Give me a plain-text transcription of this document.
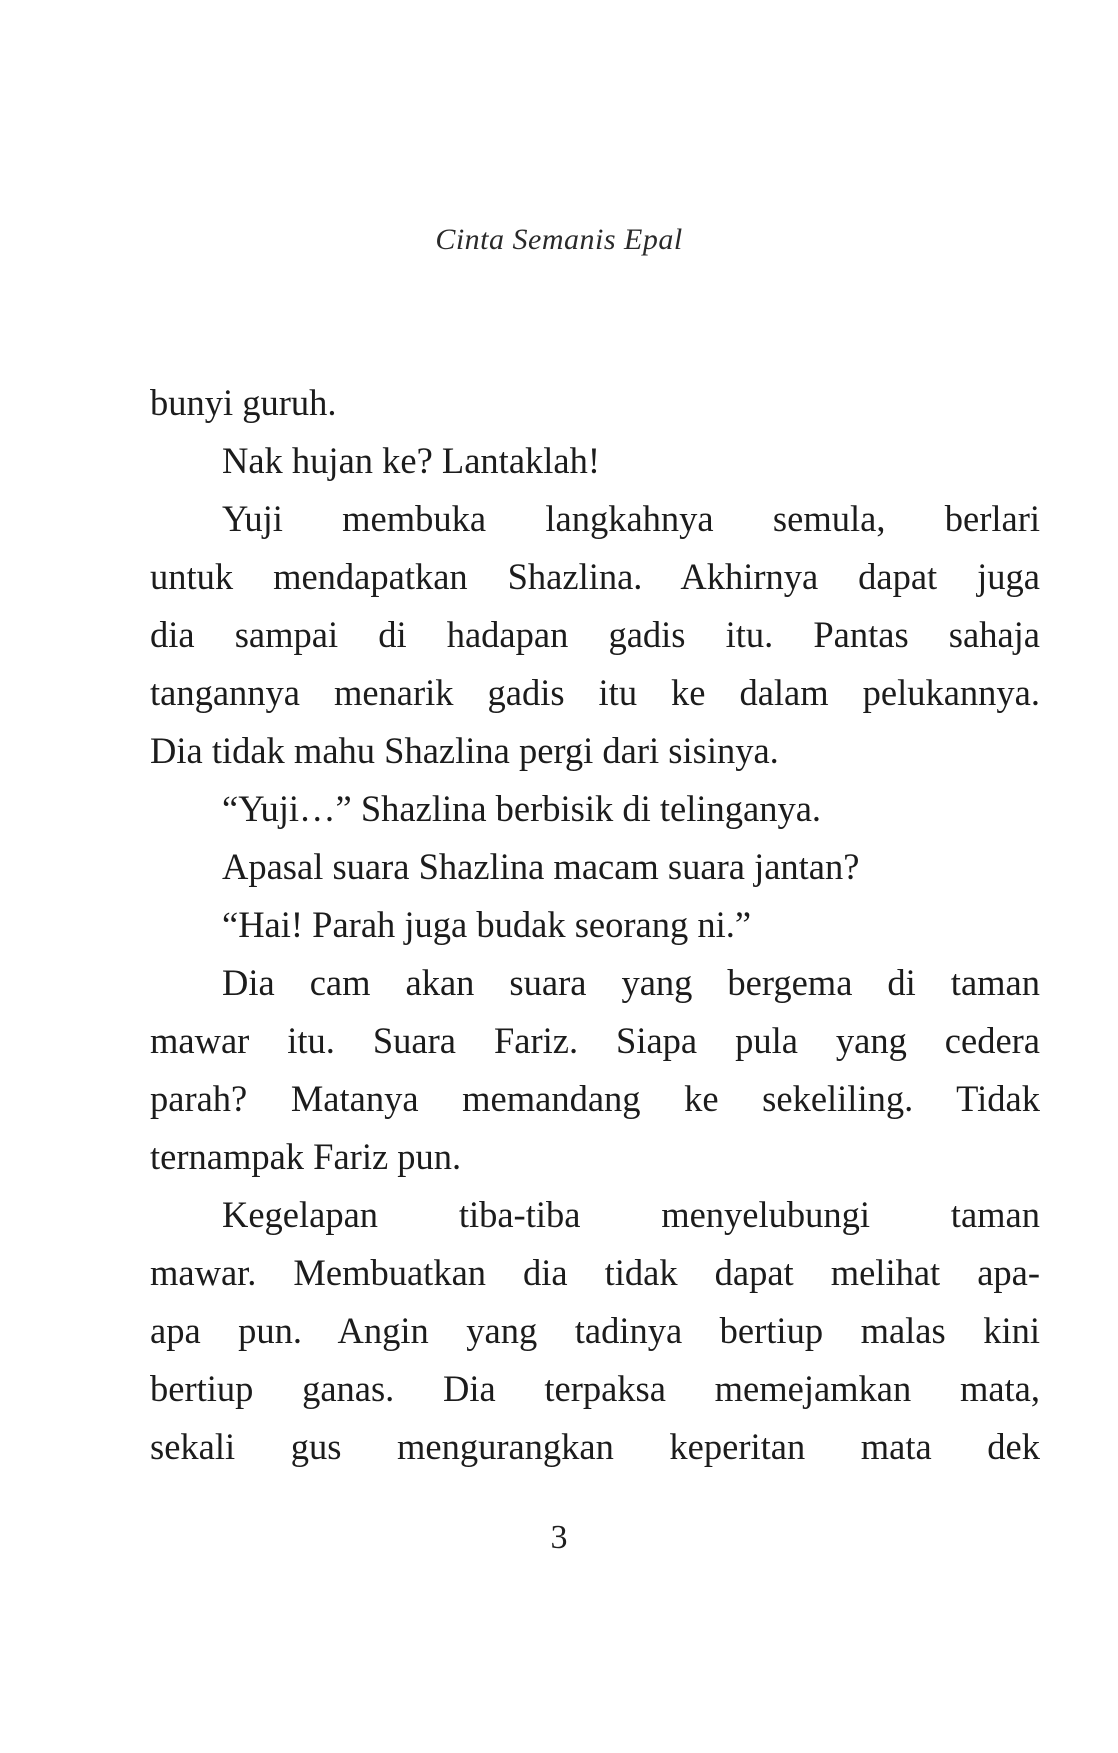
Cinta Semanis Epal
bunyi guruh.
Nak hujan ke? Lantaklah!
Yuji membuka langkahnya semula, berlari
untuk mendapatkan Shazlina. Akhirnya dapat juga
dia sampai di hadapan gadis itu. Pantas sahaja
tangannya menarik gadis itu ke dalam pelukannya.
Dia tidak mahu Shazlina pergi dari sisinya.
“Yuji…” Shazlina berbisik di telinganya.
Apasal suara Shazlina macam suara jantan?
“Hai! Parah juga budak seorang ni.”
Dia cam akan suara yang bergema di taman
mawar itu. Suara Fariz. Siapa pula yang cedera
parah? Matanya memandang ke sekeliling. Tidak
ternampak Fariz pun.
Kegelapan tiba-tiba menyelubungi taman
mawar. Membuatkan dia tidak dapat melihat apa-
apa pun. Angin yang tadinya bertiup malas kini
bertiup ganas. Dia terpaksa memejamkan mata,
sekali gus mengurangkan keperitan mata dek
3
